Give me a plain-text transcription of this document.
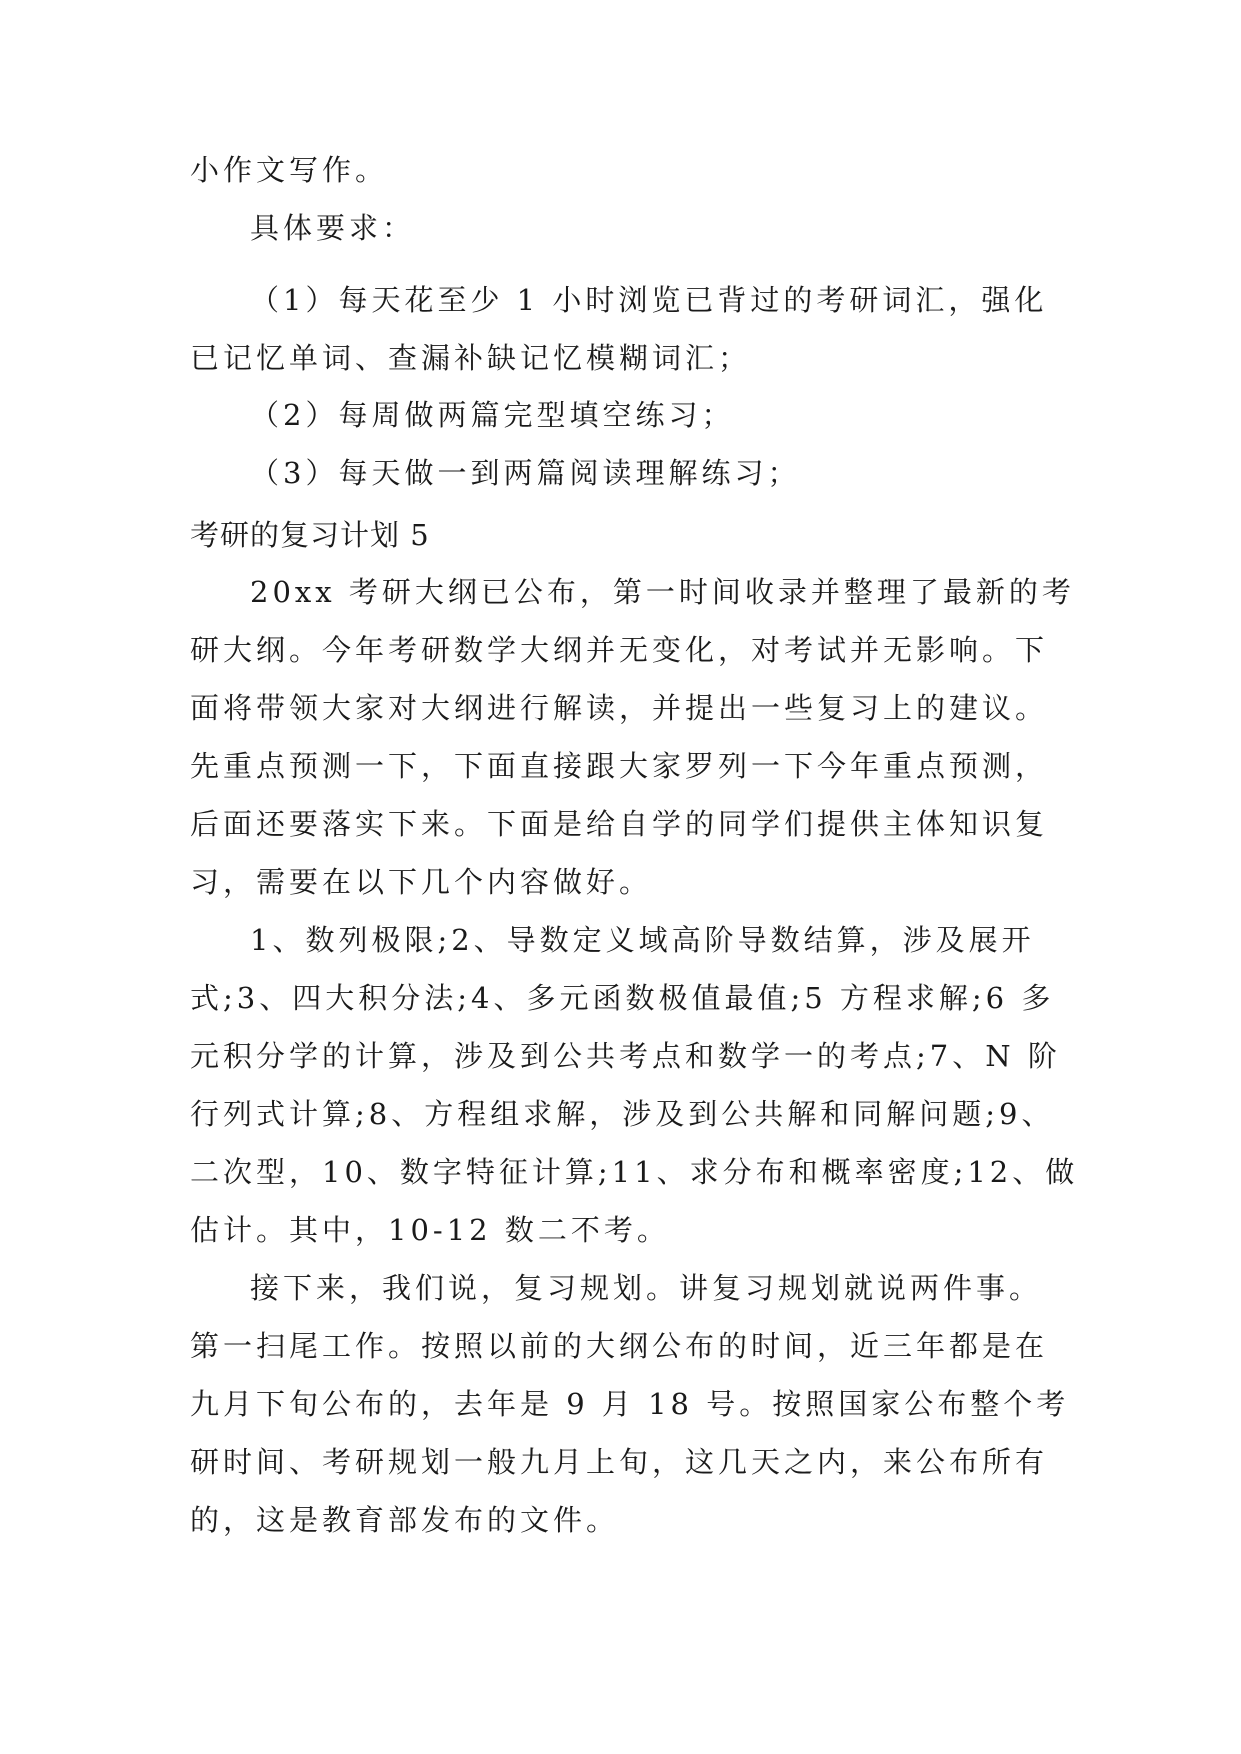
小作文写作。
具体要求：
（1）每天花至少 1 小时浏览已背过的考研词汇，强化
已记忆单词、查漏补缺记忆模糊词汇；
（2）每周做两篇完型填空练习；
（3）每天做一到两篇阅读理解练习；
考研的复习计划 5
20xx 考研大纲已公布，第一时间收录并整理了最新的考
研大纲。今年考研数学大纲并无变化，对考试并无影响。下
面将带领大家对大纲进行解读，并提出一些复习上的建议。
先重点预测一下，下面直接跟大家罗列一下今年重点预测，
后面还要落实下来。下面是给自学的同学们提供主体知识复
习，需要在以下几个内容做好。
1、数列极限;2、导数定义域高阶导数结算，涉及展开
式;3、四大积分法;4、多元函数极值最值;5 方程求解;6 多
元积分学的计算，涉及到公共考点和数学一的考点;7、N 阶
行列式计算;8、方程组求解，涉及到公共解和同解问题;9、
二次型，10、数字特征计算;11、求分布和概率密度;12、做
估计。其中，10-12 数二不考。
接下来，我们说，复习规划。讲复习规划就说两件事。
第一扫尾工作。按照以前的大纲公布的时间，近三年都是在
九月下旬公布的，去年是 9 月 18 号。按照国家公布整个考
研时间、考研规划一般九月上旬，这几天之内，来公布所有
的，这是教育部发布的文件。
